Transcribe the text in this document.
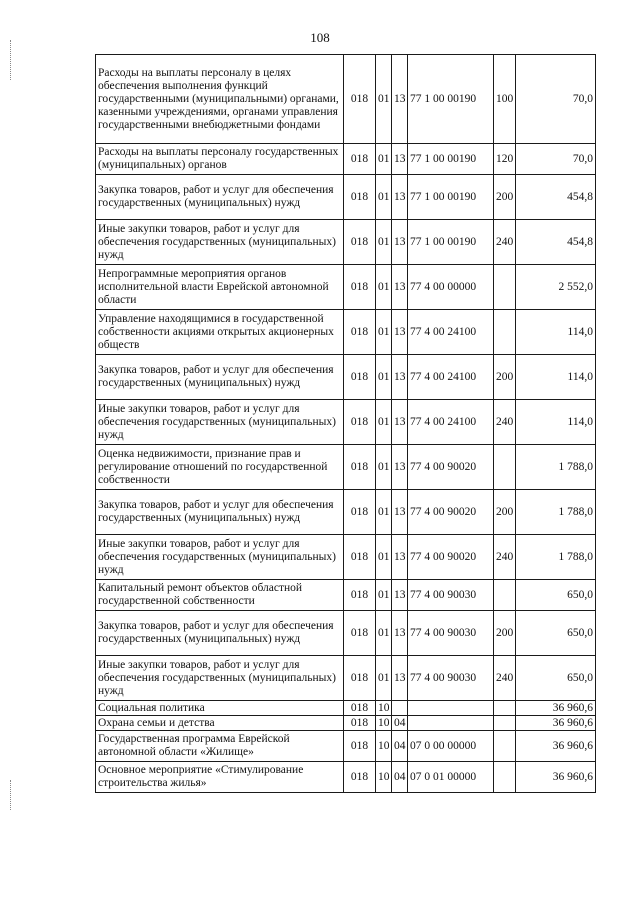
108
Расходы на выплаты персоналу в целях обеспечения выполнения функций государственными (муниципальными) органами, казенными учреждениями, органами управления государственными внебюджетными фондами	018	01	13	77 1 00 00190	100	70,0
Расходы на выплаты персоналу государственных (муниципальных) органов	018	01	13	77 1 00 00190	120	70,0
Закупка товаров, работ и услуг для обеспечения государственных (муниципальных) нужд	018	01	13	77 1 00 00190	200	454,8
Иные закупки товаров, работ и услуг для обеспечения государственных (муниципальных) нужд	018	01	13	77 1 00 00190	240	454,8
Непрограммные мероприятия органов исполнительной власти Еврейской автономной области	018	01	13	77 4 00 00000		2 552,0
Управление находящимися в государственной собственности акциями открытых акционерных обществ	018	01	13	77 4 00 24100		114,0
Закупка товаров, работ и услуг для обеспечения государственных (муниципальных) нужд	018	01	13	77 4 00 24100	200	114,0
Иные закупки товаров, работ и услуг для обеспечения государственных (муниципальных) нужд	018	01	13	77 4 00 24100	240	114,0
Оценка недвижимости, признание прав и регулирование отношений по государственной собственности	018	01	13	77 4 00 90020		1 788,0
Закупка товаров, работ и услуг для обеспечения государственных (муниципальных) нужд	018	01	13	77 4 00 90020	200	1 788,0
Иные закупки товаров, работ и услуг для обеспечения государственных (муниципальных) нужд	018	01	13	77 4 00 90020	240	1 788,0
Капитальный ремонт объектов областной государственной собственности	018	01	13	77 4 00 90030		650,0
Закупка товаров, работ и услуг для обеспечения государственных (муниципальных) нужд	018	01	13	77 4 00 90030	200	650,0
Иные закупки товаров, работ и услуг для обеспечения государственных (муниципальных) нужд	018	01	13	77 4 00 90030	240	650,0
Социальная политика	018	10				36 960,6
Охрана семьи и детства	018	10	04			36 960,6
Государственная программа Еврейской автономной области «Жилище»	018	10	04	07 0 00 00000		36 960,6
Основное мероприятие «Стимулирование строительства жилья»	018	10	04	07 0 01 00000		36 960,6
